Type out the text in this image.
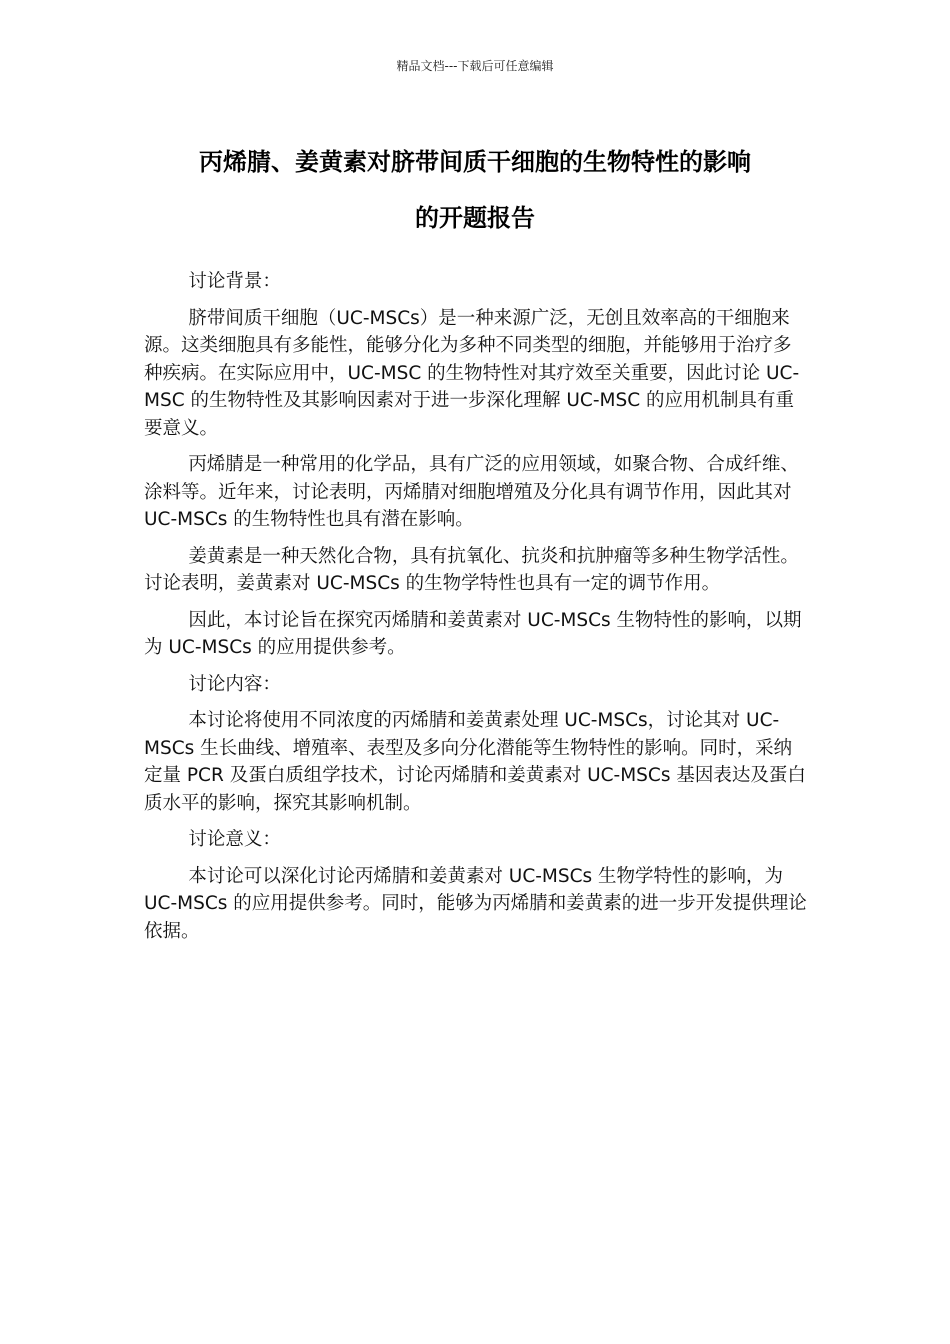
精品文档---下载后可任意编辑
丙烯腈、姜黄素对脐带间质干细胞的生物特性的影响
的开题报告

讨论背景：

脐带间质干细胞（UC-MSCs）是一种来源广泛，无创且效率高的干细胞来源。这类细胞具有多能性，能够分化为多种不同类型的细胞，并能够用于治疗多种疾病。在实际应用中，UC-MSC 的生物特性对其疗效至关重要，因此讨论 UC-MSC 的生物特性及其影响因素对于进一步深化理解 UC-MSC 的应用机制具有重要意义。

丙烯腈是一种常用的化学品，具有广泛的应用领域，如聚合物、合成纤维、涂料等。近年来，讨论表明，丙烯腈对细胞增殖及分化具有调节作用，因此其对 UC-MSCs 的生物特性也具有潜在影响。

姜黄素是一种天然化合物，具有抗氧化、抗炎和抗肿瘤等多种生物学活性。讨论表明，姜黄素对 UC-MSCs 的生物学特性也具有一定的调节作用。

因此，本讨论旨在探究丙烯腈和姜黄素对 UC-MSCs 生物特性的影响，以期为 UC-MSCs 的应用提供参考。

讨论内容：

本讨论将使用不同浓度的丙烯腈和姜黄素处理 UC-MSCs，讨论其对 UC-MSCs 生长曲线、增殖率、表型及多向分化潜能等生物特性的影响。同时，采纳定量 PCR 及蛋白质组学技术，讨论丙烯腈和姜黄素对 UC-MSCs 基因表达及蛋白质水平的影响，探究其影响机制。

讨论意义：

本讨论可以深化讨论丙烯腈和姜黄素对 UC-MSCs 生物学特性的影响，为 UC-MSCs 的应用提供参考。同时，能够为丙烯腈和姜黄素的进一步开发提供理论依据。
